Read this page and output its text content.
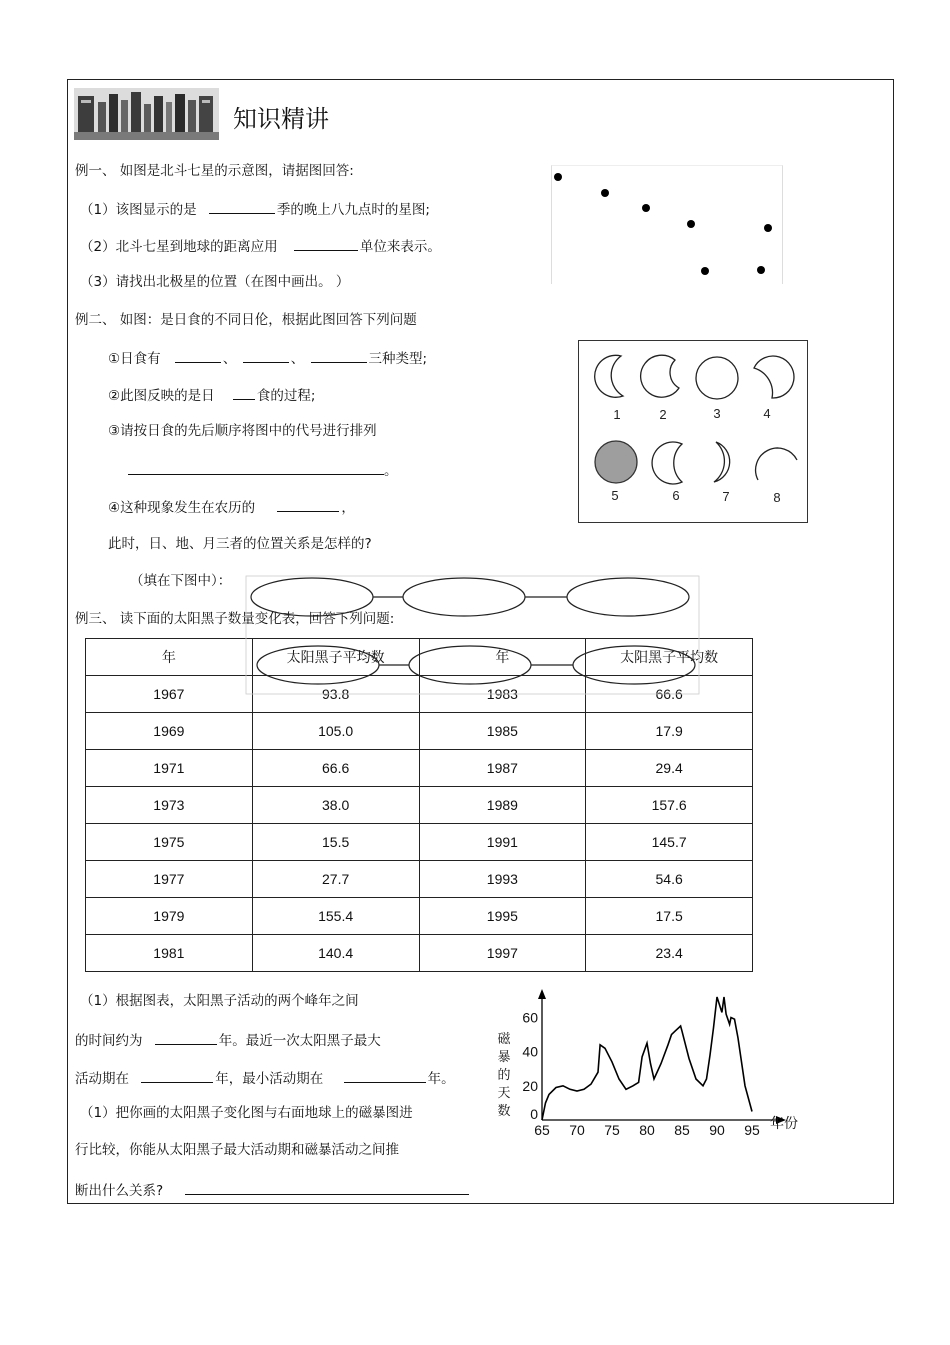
知识精讲
例一、 如图是北斗七星的示意图，请据图回答:
（1）该图显示的是	季的晚上八九点时的星图;
（2）北斗七星到地球的距离应用	单位来表示。
（3）请找出北极星的位置（在图中画出。 ）
例二、 如图：是日食的不同日伦，根据此图回答下列问题
①日食有	、	、	三种类型;
②此图反映的是日	食的过程;
③请按日食的先后顺序将图中的代号进行排列
。
④这种现象发生在农历的	，
此时，日、地、月三者的位置关系是怎样的?
（填在下图中）：
1	2	3	4
5	6	7	8
例三、 读下面的太阳黑子数量变化表，回答下列问题:
年	太阳黑子平均数	年	太阳黑子平均数
1967	93.8	1983	66.6
1969	105.0	1985	17.9
1971	66.6	1987	29.4
1973	38.0	1989	157.6
1975	15.5	1991	145.7
1977	27.7	1993	54.6
1979	155.4	1995	17.5
1981	140.4	1997	23.4
（1）根据图表，太阳黑子活动的两个峰年之间
的时间约为	年。最近一次太阳黑子最大
活动期在	年，最小活动期在	年。
（1）把你画的太阳黑子变化图与右面地球上的磁暴图进
行比较，你能从太阳黑子最大活动期和磁暴活动之间推
断出什么关系?
磁
暴
的
天
数
年份
65 70 75 80 85 90 95
0
20
40
60
